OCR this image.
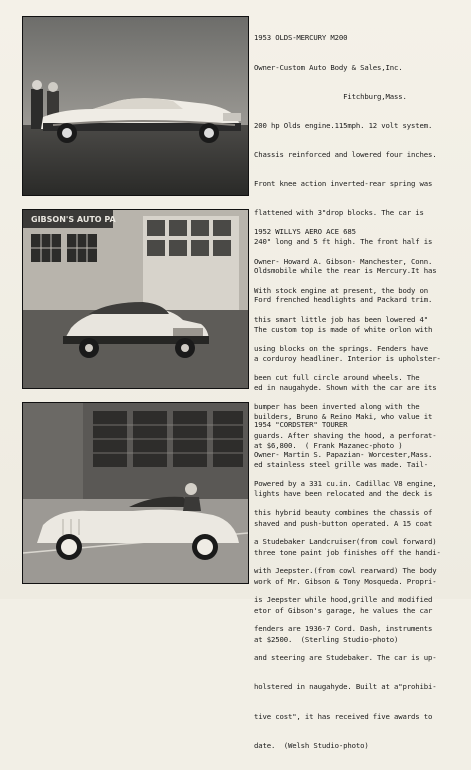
1953 OLDS-MERCURY M200

Owner-Custom Auto Body & Sales,Inc.

Fitchburg,Mass.

200 hp Olds engine.115mph. 12 volt system.

Chassis reinforced and lowered four inches.

Front knee action inverted-rear spring was

flattened with 3"drop blocks. The car is

240" long and 5 ft high. The front half is

Oldsmobile while the rear is Mercury.It has

Ford frenched headlights and Packard trim.

The custom top is made of white orlon with

a corduroy headliner. Interior is upholster-

ed in naugahyde. Shown with the car are its

builders, Bruno & Reino Maki, who value it

at $6,800.  ( Frank Mazanec-photo )

GIBSON'S AUTO PA

1952 WILLYS AERO ACE 685

Owner- Howard A. Gibson- Manchester, Conn.

With stock engine at present, the body on

this smart little job has been lowered 4"

using blocks on the springs. Fenders have

been cut full circle around wheels. The

bumper has been inverted along with the

guards. After shaving the hood, a perforat-

ed stainless steel grille was made. Tail-

lights have been relocated and the deck is

shaved and push-button operated. A 15 coat

three tone paint job finishes off the handi-

work of Mr. Gibson & Tony Mosqueda. Propri-

etor of Gibson's garage, he values the car

at $2500.  (Sterling Studio-photo)

1954 "CORDSTER" TOURER

Owner- Martin S. Papazian- Worcester,Mass.

Powered by a 331 cu.in. Cadillac V8 engine,

this hybrid beauty combines the chassis of

a Studebaker Landcruiser(from cowl forward)

with Jeepster.(from cowl rearward) The body

is Jeepster while hood,grille and modified

fenders are 1936-7 Cord. Dash, instruments

and steering are Studebaker. The car is up-

holstered in naugahyde. Built at a"prohibi-

tive cost", it has received five awards to

date.  (Welsh Studio-photo)
